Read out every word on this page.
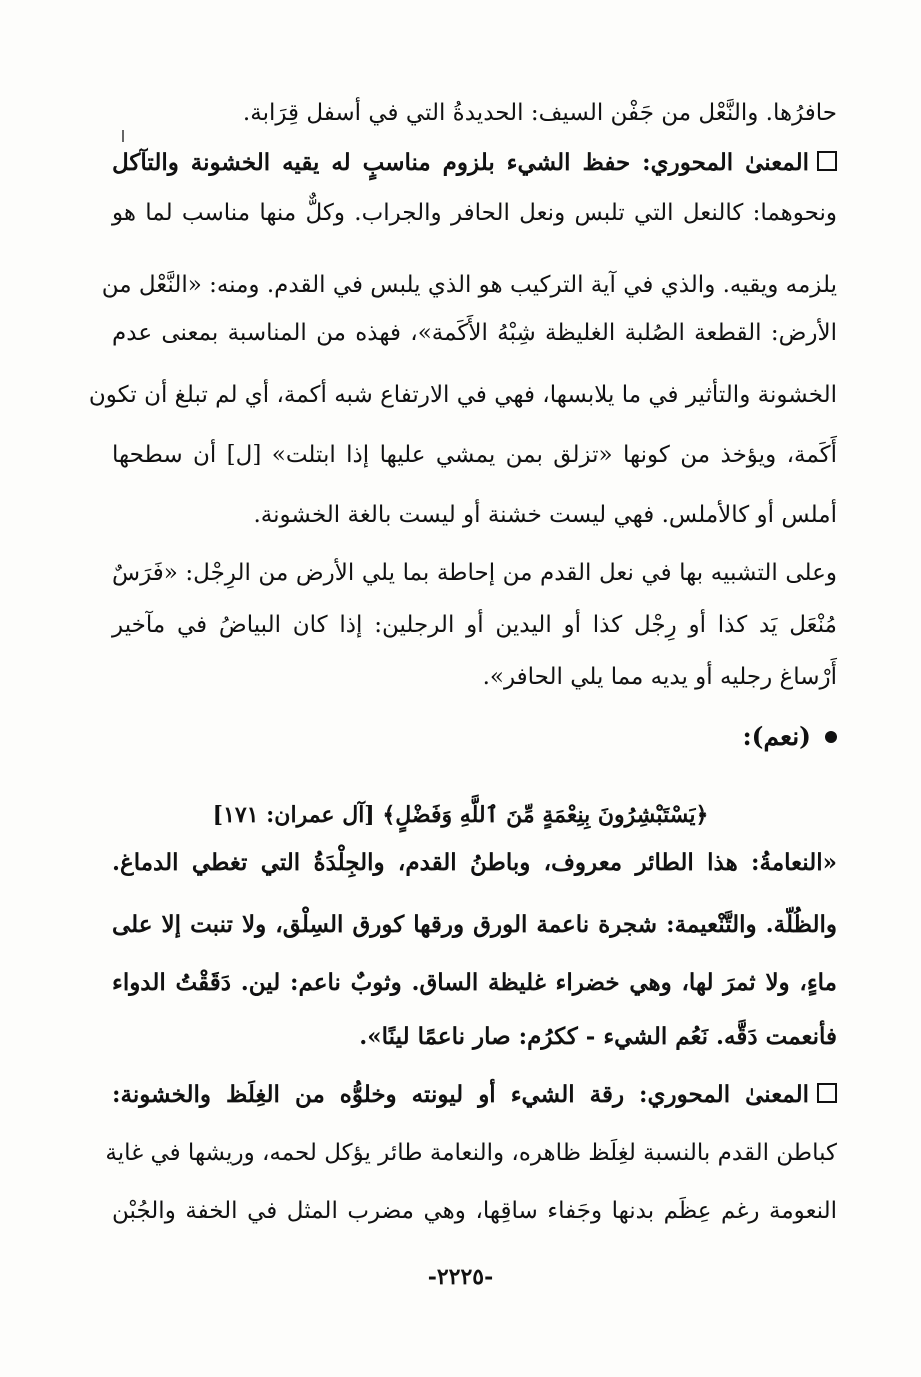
حافرُها. والنَّعْل من جَفْن السيف: الحديدةُ التي في أسفل قِرَابة.
المعنىٰ المحوري: حفظ الشيء بلزوم مناسبٍ له يقيه الخشونة والتآكل
ونحوهما: كالنعل التي تلبس ونعل الحافر والجراب. وكلٌّ منها مناسب لما هو
يلزمه ويقيه. والذي في آية التركيب هو الذي يلبس في القدم. ومنه: «النَّعْل من
الأرض: القطعة الصُلبة الغليظة شِبْهُ الأَكَمة»، فهذه من المناسبة بمعنى عدم
الخشونة والتأثير في ما يلابسها، فهي في الارتفاع شبه أكمة، أي لم تبلغ أن تكون
أَكَمة، ويؤخذ من كونها «تزلق بمن يمشي عليها إذا ابتلت» [ل] أن سطحها
أملس أو كالأملس. فهي ليست خشنة أو ليست بالغة الخشونة.
وعلى التشبيه بها في نعل القدم من إحاطة بما يلي الأرض من الرِجْل: «فَرَسٌ
مُنْعَل يَد كذا أو رِجْل كذا أو اليدين أو الرجلين: إذا كان البياضُ في مآخير
أَرْساغ رجليه أو يديه مما يلي الحافر».
(نعم):
﴿يَسْتَبْشِرُونَ بِنِعْمَةٍ مِّنَ ٱللَّهِ وَفَضْلٍ﴾ [آل عمران: ١٧١]
«النعامةُ: هذا الطائر معروف، وباطنُ القدم، والجِلْدَةُ التي تغطي الدماغ.
والظُلّة. والتَّنْعيمة: شجرة ناعمة الورق ورقها كورق السِلْق، ولا تنبت إلا على
ماءٍ، ولا ثمرَ لها، وهي خضراء غليظة الساق. وثوبٌ ناعم: لين. دَقَقْتُ الدواء
فأنعمت دَقَّه. نَعُم الشيء - ككرُم: صار ناعمًا لينًا».
المعنىٰ المحوري: رقة الشيء أو ليونته وخلوُّه من الغِلَظ والخشونة:
كباطن القدم بالنسبة لغِلَظ ظاهره، والنعامة طائر يؤكل لحمه، وريشها في غاية
النعومة رغم عِظَم بدنها وجَفاء ساقِها، وهي مضرب المثل في الخفة والجُبْن
-٢٢٢٥-
